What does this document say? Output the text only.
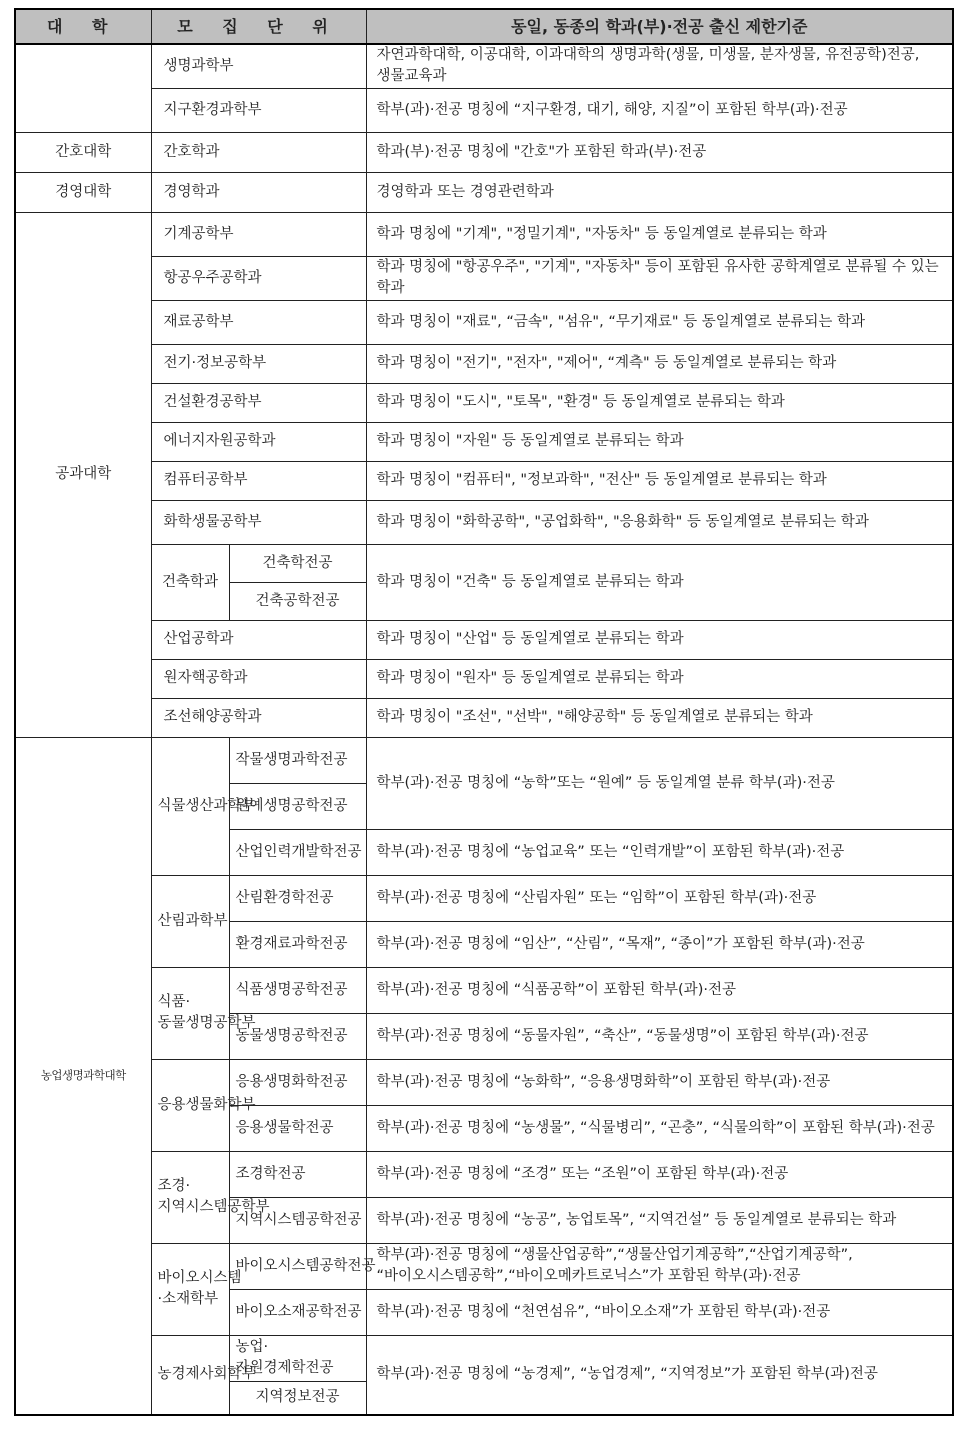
대 학	모 집 단 위		동일, 동종의 학과(부)·전공 출신 제한기준
	생명과학부		자연과학대학, 이공대학, 이과대학의 생명과학(생물, 미생물, 분자생물, 유전공학)전공, 생물교육과
	지구환경과학부		학부(과)·전공 명칭에 “지구환경, 대기, 해양, 지질”이 포함된 학부(과)·전공
간호대학	간호학과		학과(부)·전공 명칭에 "간호"가 포함된 학과(부)·전공
경영대학	경영학과		경영학과 또는 경영관련학과
공과대학	기계공학부		학과 명칭에 "기계", "정밀기계", "자동차" 등 동일계열로 분류되는 학과
	항공우주공학과		학과 명칭에 "항공우주", "기계", "자동차" 등이 포함된 유사한 공학계열로 분류될 수 있는 학과
	재료공학부		학과 명칭이 "재료", “금속", "섬유", “무기재료" 등 동일계열로 분류되는 학과
	전기·정보공학부		학과 명칭이 "전기", "전자", "제어", “계측" 등 동일계열로 분류되는 학과
	건설환경공학부		학과 명칭이 "도시", "토목", "환경" 등 동일계열로 분류되는 학과
	에너지자원공학과		학과 명칭이 "자원" 등 동일계열로 분류되는 학과
	컴퓨터공학부		학과 명칭이 "컴퓨터", "정보과학", "전산" 등 동일계열로 분류되는 학과
	화학생물공학부		학과 명칭이 "화학공학", "공업화학", "응용화학" 등 동일계열로 분류되는 학과
	건축학과	건축학전공	학과 명칭이 "건축" 등 동일계열로 분류되는 학과
		건축공학전공	
	산업공학과		학과 명칭이 "산업" 등 동일계열로 분류되는 학과
	원자핵공학과		학과 명칭이 "원자" 등 동일계열로 분류되는 학과
	조선해양공학과		학과 명칭이 "조선", "선박", "해양공학" 등 동일계열로 분류되는 학과
농업생명과학대학	식물생산과학부	작물생명과학전공	학부(과)·전공 명칭에 “농학”또는 “원예” 등 동일계열 분류 학부(과)·전공
		원예생명공학전공	
		산업인력개발학전공	학부(과)·전공 명칭에 “농업교육” 또는 “인력개발”이 포함된 학부(과)·전공
	산림과학부	산림환경학전공	학부(과)·전공 명칭에 “산림자원” 또는 “임학”이 포함된 학부(과)·전공
		환경재료과학전공	학부(과)·전공 명칭에 “임산”, “산림”, “목재”, “종이”가 포함된 학부(과)·전공
	식품·동물생명공학부	식품생명공학전공	학부(과)·전공 명칭에 “식품공학”이 포함된 학부(과)·전공
		동물생명공학전공	학부(과)·전공 명칭에 “동물자원”, “축산”, “동물생명”이 포함된 학부(과)·전공
	응용생물화학부	응용생명화학전공	학부(과)·전공 명칭에 “농화학”, “응용생명화학”이 포함된 학부(과)·전공
		응용생물학전공	학부(과)·전공 명칭에 “농생물”, “식물병리”, “곤충”, “식물의학”이 포함된 학부(과)·전공
	조경·지역시스템공학부	조경학전공	학부(과)·전공 명칭에 “조경” 또는 “조원”이 포함된 학부(과)·전공
		지역시스템공학전공	학부(과)·전공 명칭에 “농공”, 농업토목”, “지역건설” 등 동일계열로 분류되는 학과
	바이오시스템·소재학부	바이오시스템공학전공	학부(과)·전공 명칭에 “생물산업공학”,“생물산업기계공학”,“산업기계공학”, “바이오시스템공학”,“바이오메카트로닉스”가 포함된 학부(과)·전공
		바이오소재공학전공	학부(과)·전공 명칭에 “천연섬유”, “바이오소재”가 포함된 학부(과)·전공
	농경제사회학부	농업·자원경제학전공	학부(과)·전공 명칭에 “농경제”, “농업경제”, “지역정보”가 포함된 학부(과)전공
		지역정보전공	
